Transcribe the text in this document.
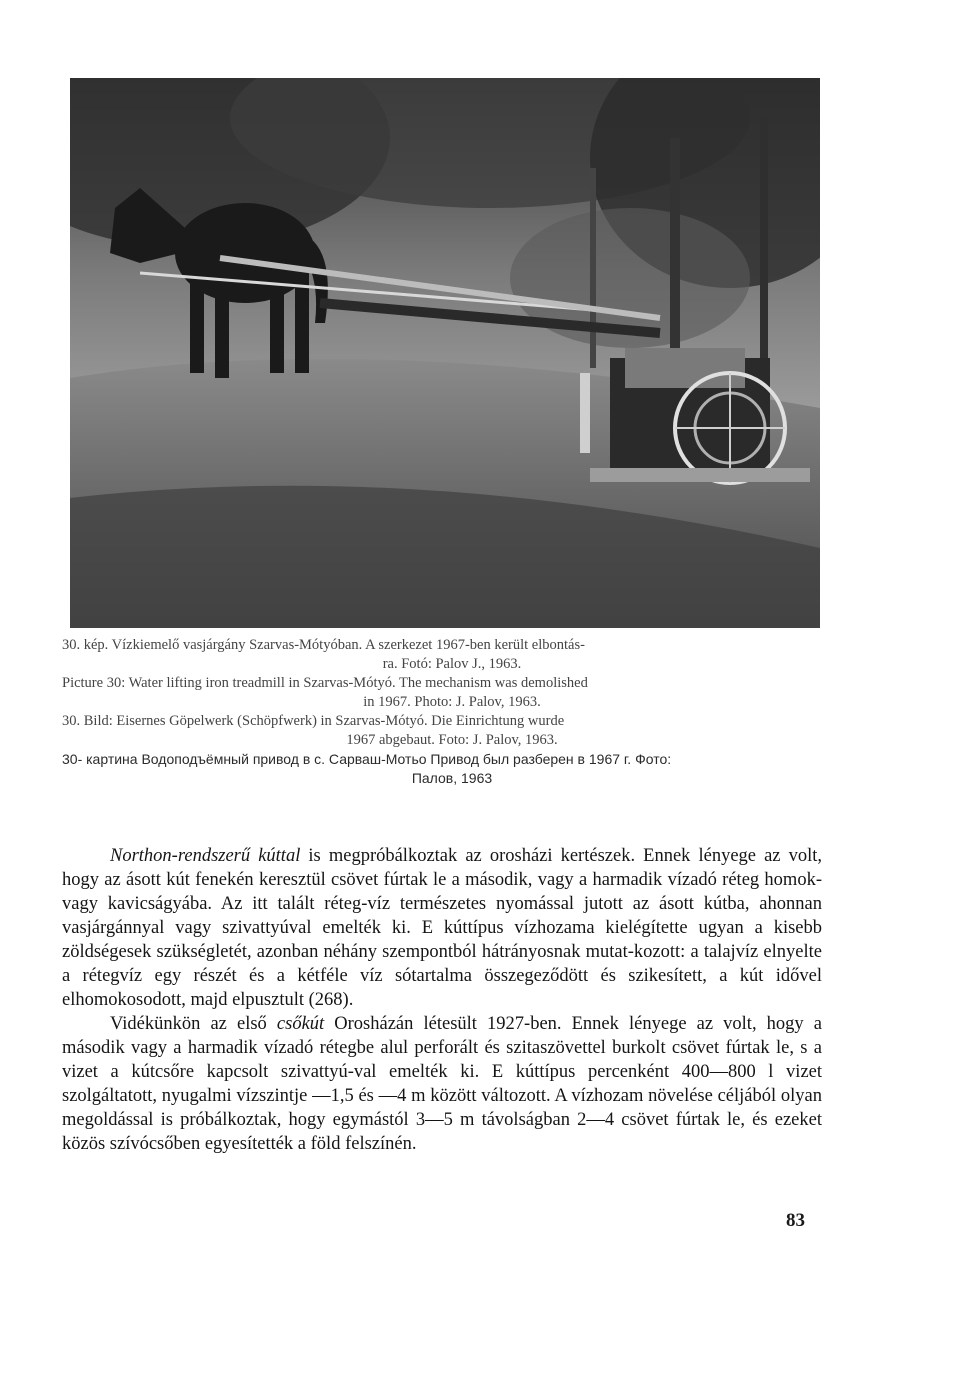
30. kép. Vízkiemelő vasjárgány Szarvas-Mótyóban. A szerkezet 1967-ben került elbontás-
ra. Fotó: Palov J., 1963.
Picture 30: Water lifting iron treadmill in Szarvas-Mótyó. The mechanism was demolished
in 1967. Photo: J. Palov, 1963.
30. Bild: Eisernes Göpelwerk (Schöpfwerk) in Szarvas-Mótyó. Die Einrichtung wurde
1967 abgebaut. Foto: J. Palov, 1963.
30- картина Водоподъёмный привод в с. Сарваш-Мотьо Привод был разберен в 1967 г. Фото:
Палов, 1963

Northon-rendszerű kúttal is megpróbálkoztak az orosházi kertészek. Ennek lényege az volt, hogy az ásott kút fenekén keresztül csövet fúrtak le a második, vagy a harmadik vízadó réteg homok- vagy kavicságyába. Az itt talált réteg-víz természetes nyomással jutott az ásott kútba, ahonnan vasjárgánnyal vagy szivattyúval emelték ki. E kúttípus vízhozama kielégítette ugyan a kisebb zöldségesek szükségletét, azonban néhány szempontból hátrányosnak mutat-kozott: a talajvíz elnyelte a rétegvíz egy részét és a kétféle víz sótartalma összegeződött és szikesített, a kút idővel elhomokosodott, majd elpusztult (268).

Vidékünkön az első csőkút Orosházán létesült 1927-ben. Ennek lényege az volt, hogy a második vagy a harmadik vízadó rétegbe alul perforált és szitaszövettel burkolt csövet fúrtak le, s a vizet a kútcsőre kapcsolt szivattyú-val emelték ki. E kúttípus percenként 400—800 l vizet szolgáltatott, nyugalmi vízszintje —1,5 és —4 m között változott. A vízhozam növelése céljából olyan megoldással is próbálkoztak, hogy egymástól 3—5 m távolságban 2—4 csövet fúrtak le, és ezeket közös szívócsőben egyesítették a föld felszínén.

83
